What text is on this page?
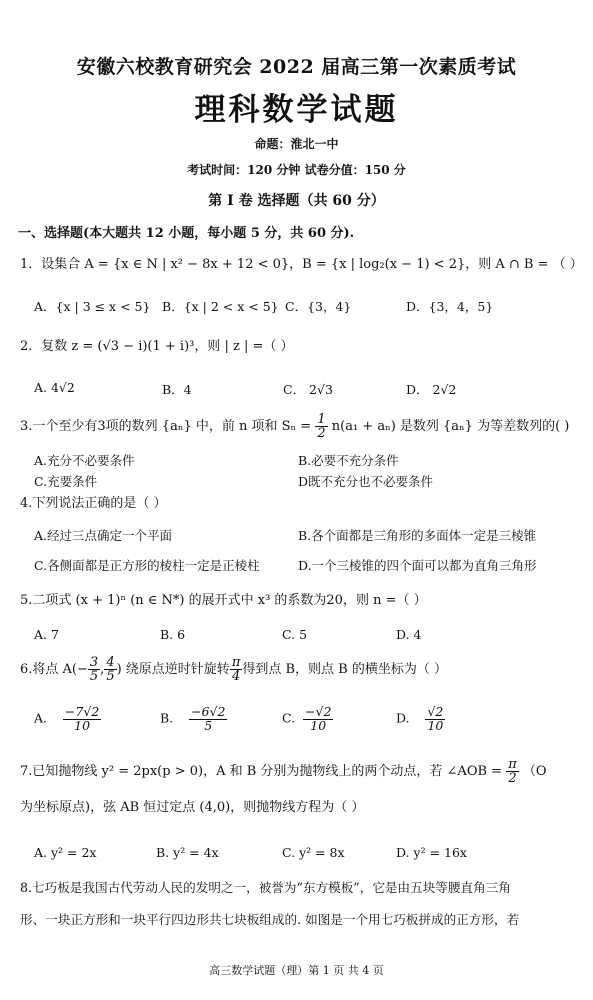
安徽六校教育研究会 2022 届高三第一次素质考试
理科数学试题
命题：淮北一中
考试时间：120 分钟 试卷分值：150 分
第 I 卷 选择题（共 60 分）
一、选择题(本大题共 12 小题，每小题 5 分，共 60 分).
1．设集合 A = {x ∈ N | x² − 8x + 12 < 0}，B = {x | log₂(x − 1) < 2}，则 A ∩ B = （ ）
A．{x | 3 ≤ x < 5} B．{x | 2 < x < 5} C．{3，4}	D．{3，4，5}
2．复数 z = (√3 − i)(1 + i)³，则 | z | =（ ）
A. 4√2	B．4	C． 2√3	D． 2√2
3.一个至少有3项的数列 {aₙ} 中，前 n 项和 $S_n = \frac{1}{2} n(a_1 + a_n)$ 是数列 {aₙ} 为等差数列的( )
A.充分不必要条件	B.必要不充分条件
C.充要条件	D既不充分也不必要条件
4.下列说法正确的是（ ）
A.经过三点确定一个平面	B.各个面都是三角形的多面体一定是三棱锥
C.各侧面都是正方形的棱柱一定是正棱柱	D.一个三棱锥的四个面可以都为直角三角形
5.二项式 (x + 1)ⁿ (n ∈ N*) 的展开式中 x³ 的系数为20，则 n =（ ）
A. 7	B. 6	C. 5	D. 4
6.将点 $A(- \frac{3}{5}$ , $\frac{4}{5}$ ) 绕原点逆时针旋转 $\frac{\pi}{4}$ 得到点 B，则点 B 的横坐标为（ ）
A. $\frac{-7√2}{10}$	B. $\frac{-6√2}{5}$	C. $\frac{-√2}{10}$	D. $\frac{√2}{10}$
7.已知抛物线 y² = 2px(p > 0)，A 和 B 分别为抛物线上的两个动点，若 ∠AOB = $\frac{\pi}{2} (O$
为坐标原点)，弦 AB 恒过定点 (4,0)，则抛物线方程为（ ）
A. y² = 2x	B. y² = 4x	C. y² = 8x	D. y² = 16x
8.七巧板是我国古代劳动人民的发明之一，被誉为“东方模板”，它是由五块等腰直角三角
形、一块正方形和一块平行四边形共七块板组成的. 如图是一个用七巧板拼成的正方形，若
高三数学试题（理）第 1 页 共 4 页
